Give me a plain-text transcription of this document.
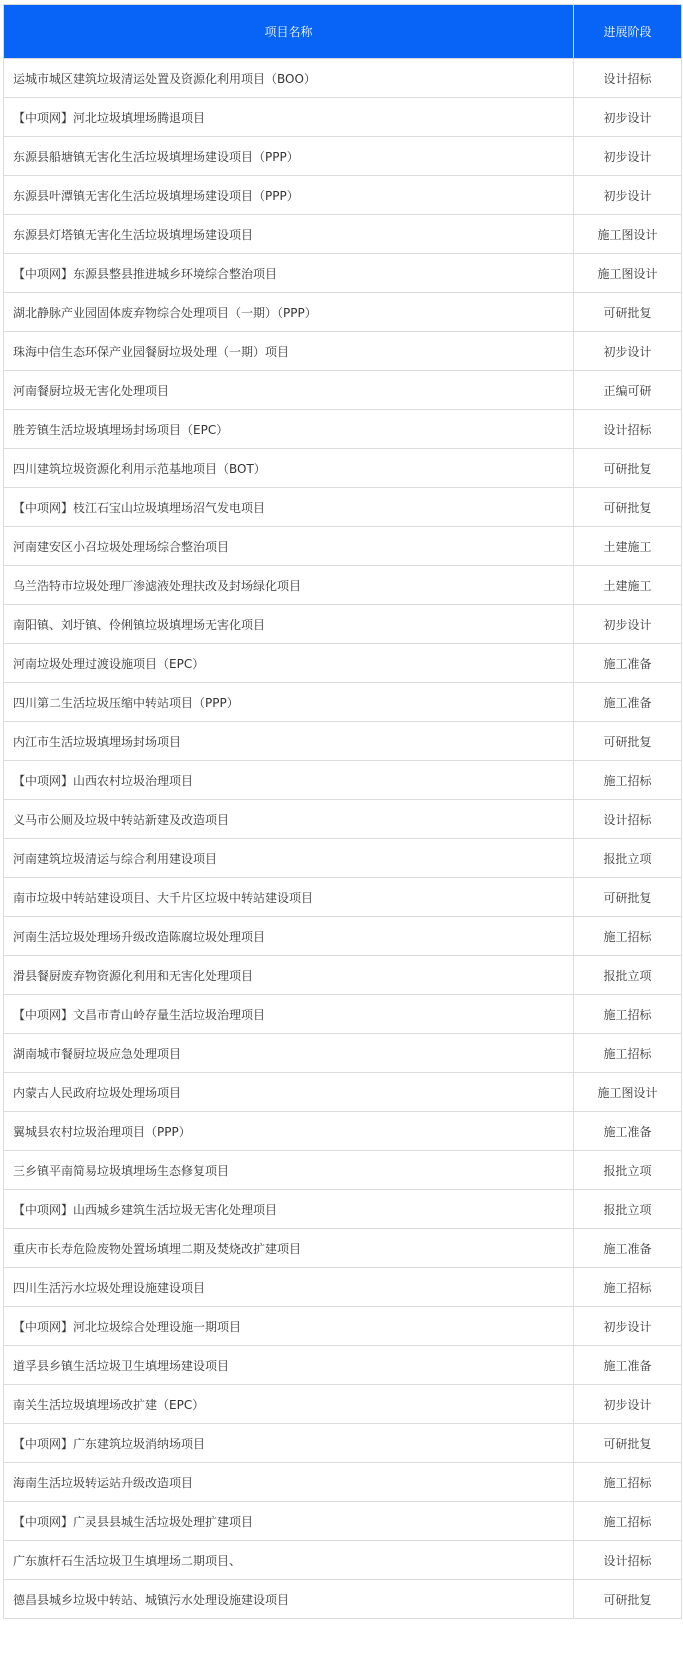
项目名称	进展阶段
运城市城区建筑垃圾清运处置及资源化利用项目（BOO）	设计招标
【中项网】河北垃圾填埋场腾退项目	初步设计
东源县船塘镇无害化生活垃圾填埋场建设项目（PPP）	初步设计
东源县叶潭镇无害化生活垃圾填埋场建设项目（PPP）	初步设计
东源县灯塔镇无害化生活垃圾填埋场建设项目	施工图设计
【中项网】东源县整县推进城乡环境综合整治项目	施工图设计
湖北静脉产业园固体废弃物综合处理项目（一期）（PPP）	可研批复
珠海中信生态环保产业园餐厨垃圾处理（一期）项目	初步设计
河南餐厨垃圾无害化处理项目	正编可研
胜芳镇生活垃圾填埋场封场项目（EPC）	设计招标
四川建筑垃圾资源化利用示范基地项目（BOT）	可研批复
【中项网】枝江石宝山垃圾填埋场沼气发电项目	可研批复
河南建安区小召垃圾处理场综合整治项目	土建施工
乌兰浩特市垃圾处理厂渗滤液处理扶改及封场绿化项目	土建施工
南阳镇、刘圩镇、伶俐镇垃圾填埋场无害化项目	初步设计
河南垃圾处理过渡设施项目（EPC）	施工准备
四川第二生活垃圾压缩中转站项目（PPP）	施工准备
内江市生活垃圾填埋场封场项目	可研批复
【中项网】山西农村垃圾治理项目	施工招标
义马市公厕及垃圾中转站新建及改造项目	设计招标
河南建筑垃圾清运与综合利用建设项目	报批立项
南市垃圾中转站建设项目、大千片区垃圾中转站建设项目	可研批复
河南生活垃圾处理场升级改造陈腐垃圾处理项目	施工招标
滑县餐厨废弃物资源化利用和无害化处理项目	报批立项
【中项网】文昌市青山岭存量生活垃圾治理项目	施工招标
湖南城市餐厨垃圾应急处理项目	施工招标
内蒙古人民政府垃圾处理场项目	施工图设计
翼城县农村垃圾治理项目（PPP）	施工准备
三乡镇平南简易垃圾填埋场生态修复项目	报批立项
【中项网】山西城乡建筑生活垃圾无害化处理项目	报批立项
重庆市长寿危险废物处置场填埋二期及焚烧改扩建项目	施工准备
四川生活污水垃圾处理设施建设项目	施工招标
【中项网】河北垃圾综合处理设施一期项目	初步设计
道孚县乡镇生活垃圾卫生填埋场建设项目	施工准备
南关生活垃圾填埋场改扩建（EPC）	初步设计
【中项网】广东建筑垃圾消纳场项目	可研批复
海南生活垃圾转运站升级改造项目	施工招标
【中项网】广灵县县城生活垃圾处理扩建项目	施工招标
广东旗杆石生活垃圾卫生填埋场二期项目、	设计招标
德昌县城乡垃圾中转站、城镇污水处理设施建设项目	可研批复
